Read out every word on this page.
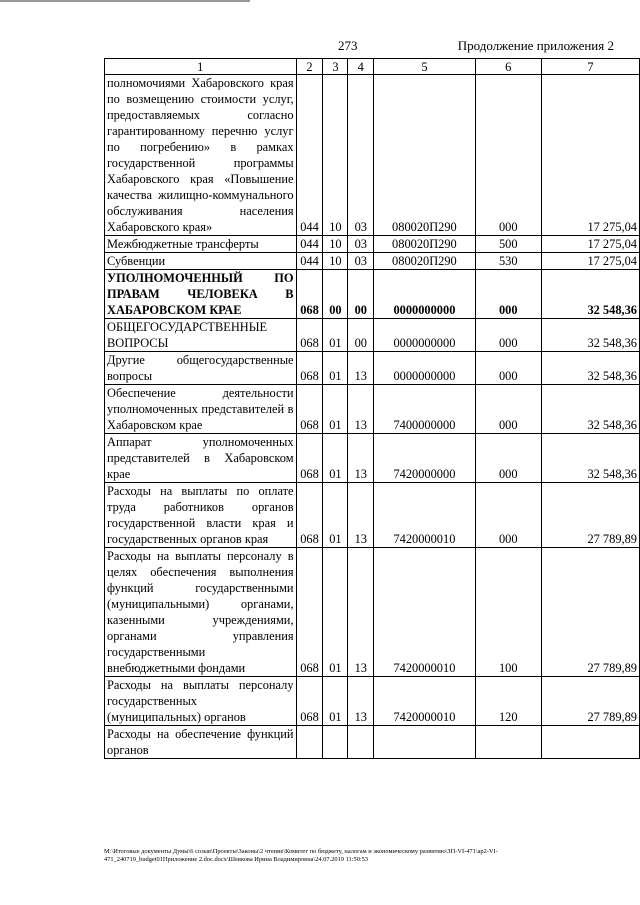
273	Продолжение приложения 2
1	2	3	4	5	6	7
полномочиями Хабаровского края по возмещению стоимости услуг, предоставляемых согласно гарантированному перечню услуг по погребению» в рамках государственной программы Хабаровского края «Повышение качества жилищно-коммунального обслуживания населения Хабаровского края»	044	10	03	080020П290	000	17 275,04
Межбюджетные трансферты	044	10	03	080020П290	500	17 275,04
Субвенции	044	10	03	080020П290	530	17 275,04
УПОЛНОМОЧЕННЫЙ ПО ПРАВАМ ЧЕЛОВЕКА В ХАБАРОВСКОМ КРАЕ	068	00	00	0000000000	000	32 548,36
ОБЩЕГОСУДАРСТВЕННЫЕ ВОПРОСЫ	068	01	00	0000000000	000	32 548,36
Другие общегосударственные вопросы	068	01	13	0000000000	000	32 548,36
Обеспечение деятельности уполномоченных представителей в Хабаровском крае	068	01	13	7400000000	000	32 548,36
Аппарат уполномоченных представителей в Хабаровском крае	068	01	13	7420000000	000	32 548,36
Расходы на выплаты по оплате труда работников органов государственной власти края и государственных органов края	068	01	13	7420000010	000	27 789,89
Расходы на выплаты персоналу в целях обеспечения выполнения функций государственными (муниципальными) органами, казенными учреждениями, органами управления государственными внебюджетными фондами	068	01	13	7420000010	100	27 789,89
Расходы на выплаты персоналу государственных (муниципальных) органов	068	01	13	7420000010	120	27 789,89
Расходы на обеспечение функций органов						
М:\Итоговые документы Думы\6 созыв\Проекты\Законы\2 чтение\Комитет по бюджету, налогам и экономическому развитию\ЗП-VI-471\ap2-VI-
471_240719_budget01Приложение 2.doc.docx\Шевкова Ирина Владимировна\24.07.2019 11:50:53
